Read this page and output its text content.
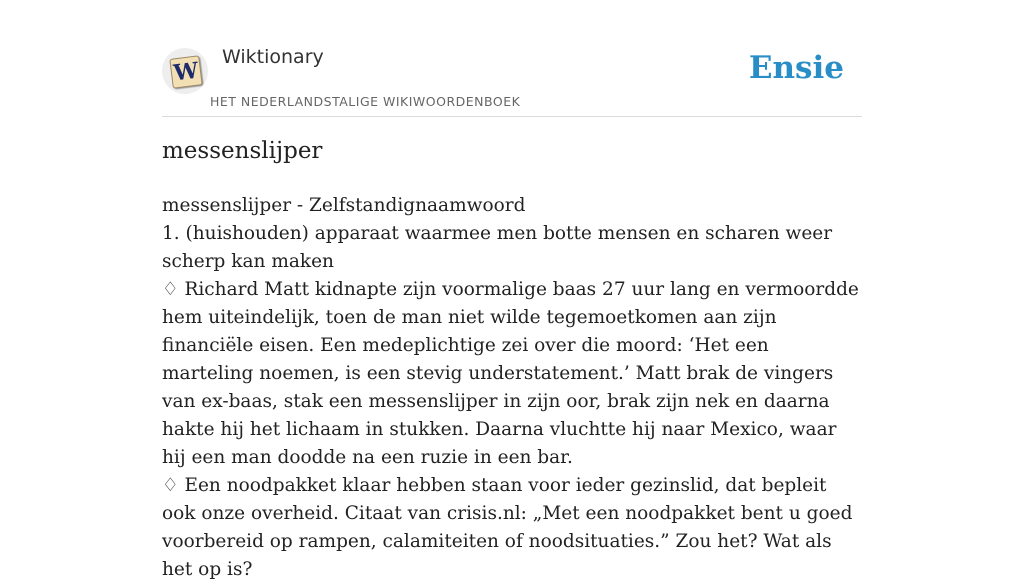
W
Wiktionary
HET NEDERLANDSTALIGE WIKIWOORDENBOEK
Ensie
messenslijper

messenslijper - Zelfstandignaamwoord

1. (huishouden) apparaat waarmee men botte mensen en scharen weer scherp kan maken

♢ Richard Matt kidnapte zijn voormalige baas 27 uur lang en vermoordde hem uiteindelijk, toen de man niet wilde tegemoetkomen aan zijn financiële eisen. Een medeplichtige zei over die moord: ‘Het een marteling noemen, is een stevig understatement.’ Matt brak de vingers van ex-baas, stak een messenslijper in zijn oor, brak zijn nek en daarna hakte hij het lichaam in stukken. Daarna vluchtte hij naar Mexico, waar hij een man doodde na een ruzie in een bar.

♢ Een noodpakket klaar hebben staan voor ieder gezinslid, dat bepleit ook onze overheid. Citaat van crisis.nl: „Met een noodpakket bent u goed voorbereid op rampen, calamiteiten of noodsituaties.” Zou het? Wat als het op is?
